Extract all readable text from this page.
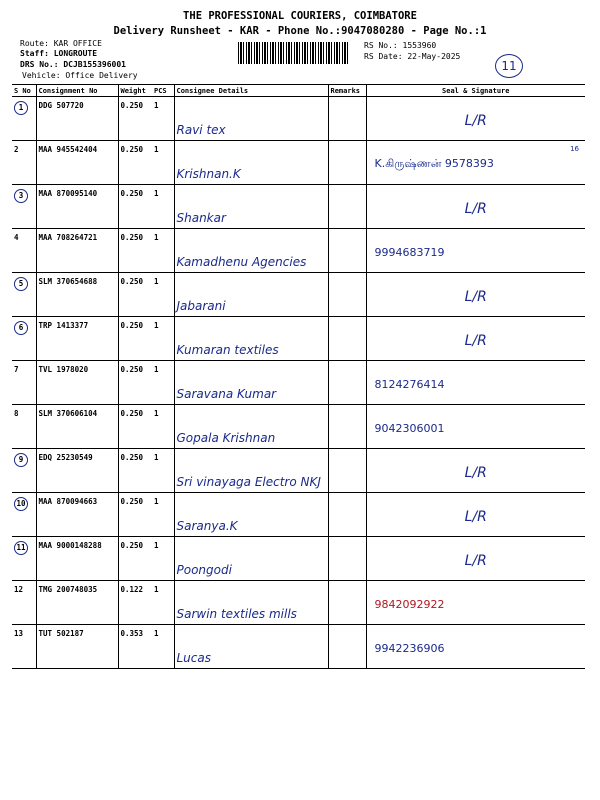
THE PROFESSIONAL COURIERS, COIMBATORE
Delivery Runsheet - KAR - Phone No.:9047080280 - Page No.:1
Route: KAR OFFICE
Staff: LONGROUTE
DRS No.: DCJB155396001
Vehicle: Office Delivery
RS No.: 1553960
RS Date: 22-May-2025
11
S No	Consignment No	Weight	PCS	Consignee Details	Remarks	Seal & Signature
1	DDG 507720	0.250	1	Ravi tex		L/R

2	MAA 945542404	0.250	1	Krishnan.K		K.கிருஷ்ணன் 9578393
16

3	MAA 870095140	0.250	1	Shankar		L/R

4	MAA 708264721	0.250	1	Kamadhenu Agencies		9994683719

5	SLM 370654688	0.250	1	Jabarani		L/R

6	TRP 1413377	0.250	1	Kumaran textiles		L/R

7	TVL 1978020	0.250	1	Saravana Kumar		8124276414

8	SLM 370606104	0.250	1	Gopala Krishnan		9042306001

9	EDQ 25230549	0.250	1	Sri vinayaga Electro NKJ		L/R

10	MAA 870094663	0.250	1	Saranya.K		L/R

11	MAA 9000148288	0.250	1	Poongodi		L/R

12	TMG 200748035	0.122	1	Sarwin textiles mills		9842092922

13	TUT 502187	0.353	1	Lucas		9942236906
